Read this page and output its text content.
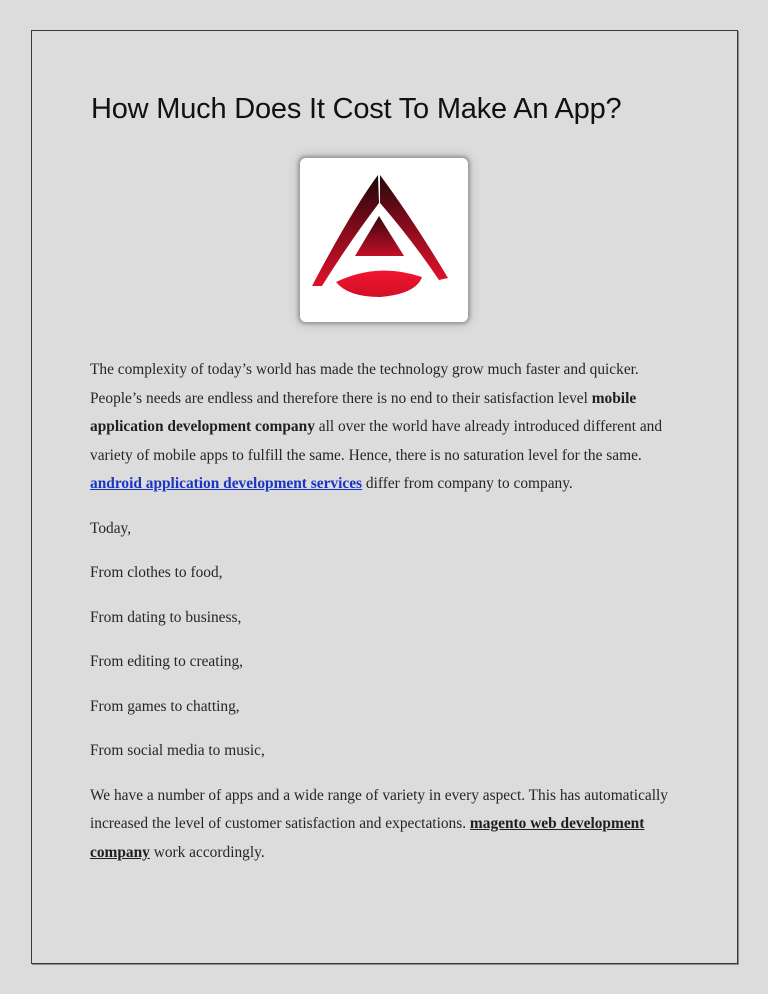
How Much Does It Cost To Make An App?

The complexity of today’s world has made the technology grow much faster and quicker. People’s needs are endless and therefore there is no end to their satisfaction level mobile application development company all over the world have already introduced different and variety of mobile apps to fulfill the same. Hence, there is no saturation level for the same. android application development services differ from company to company.

Today,

From clothes to food,

From dating to business,

From editing to creating,

From games to chatting,

From social media to music,

We have a number of apps and a wide range of variety in every aspect. This has automatically increased the level of customer satisfaction and expectations. magento web development company work accordingly.
